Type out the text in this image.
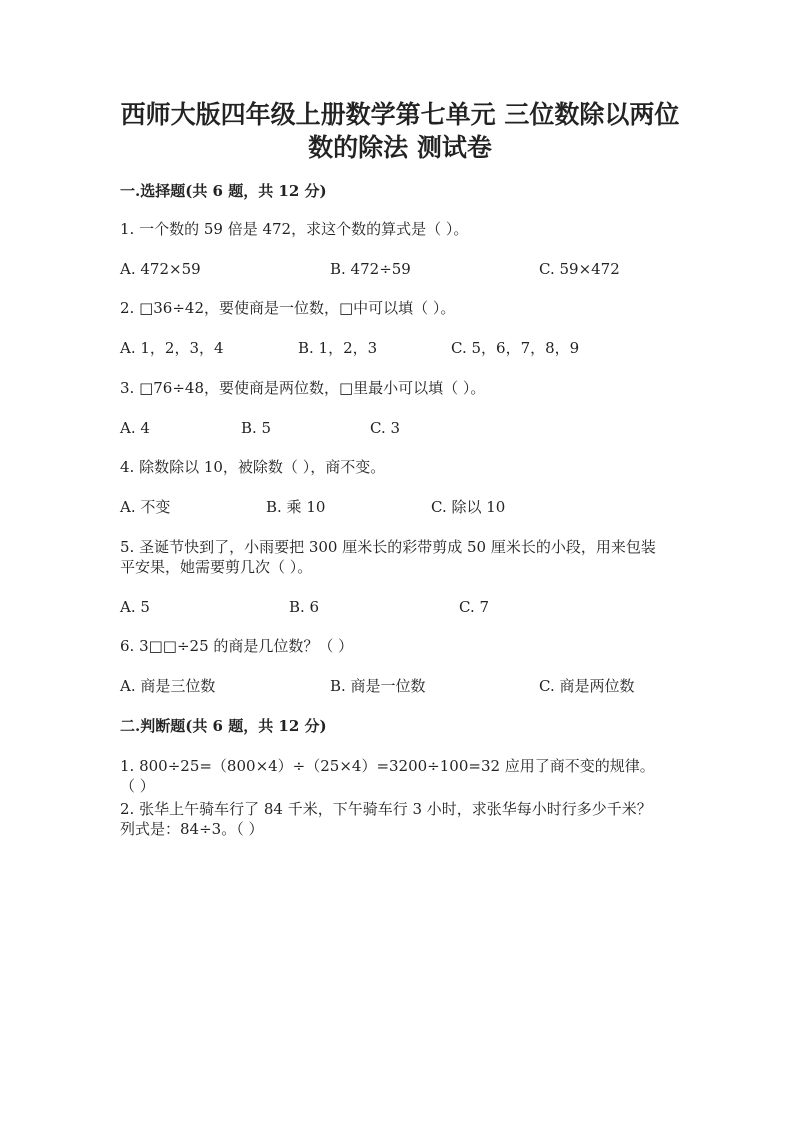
西师大版四年级上册数学第七单元 三位数除以两位
数的除法 测试卷
一.选择题(共 6 题，共 12 分)
1. 一个数的 59 倍是 472，求这个数的算式是（ ）。
A. 472×59	B. 472÷59	C. 59×472
2. □36÷42，要使商是一位数，□中可以填（ ）。
A. 1，2，3，4	B. 1，2，3	C. 5，6，7，8，9
3. □76÷48，要使商是两位数，□里最小可以填（ ）。
A. 4	B. 5	C. 3
4. 除数除以 10，被除数（ ），商不变。
A. 不变	B. 乘 10	C. 除以 10
5. 圣诞节快到了，小雨要把 300 厘米长的彩带剪成 50 厘米长的小段，用来包装
平安果，她需要剪几次（ ）。
A. 5	B. 6	C. 7
6. 3□□÷25 的商是几位数？（ ）
A. 商是三位数	B. 商是一位数	C. 商是两位数
二.判断题(共 6 题，共 12 分)
1. 800÷25=（800×4）÷（25×4）=3200÷100=32 应用了商不变的规律。
（ ）
2. 张华上午骑车行了 84 千米，下午骑车行 3 小时，求张华每小时行多少千米？
列式是：84÷3。（ ）
